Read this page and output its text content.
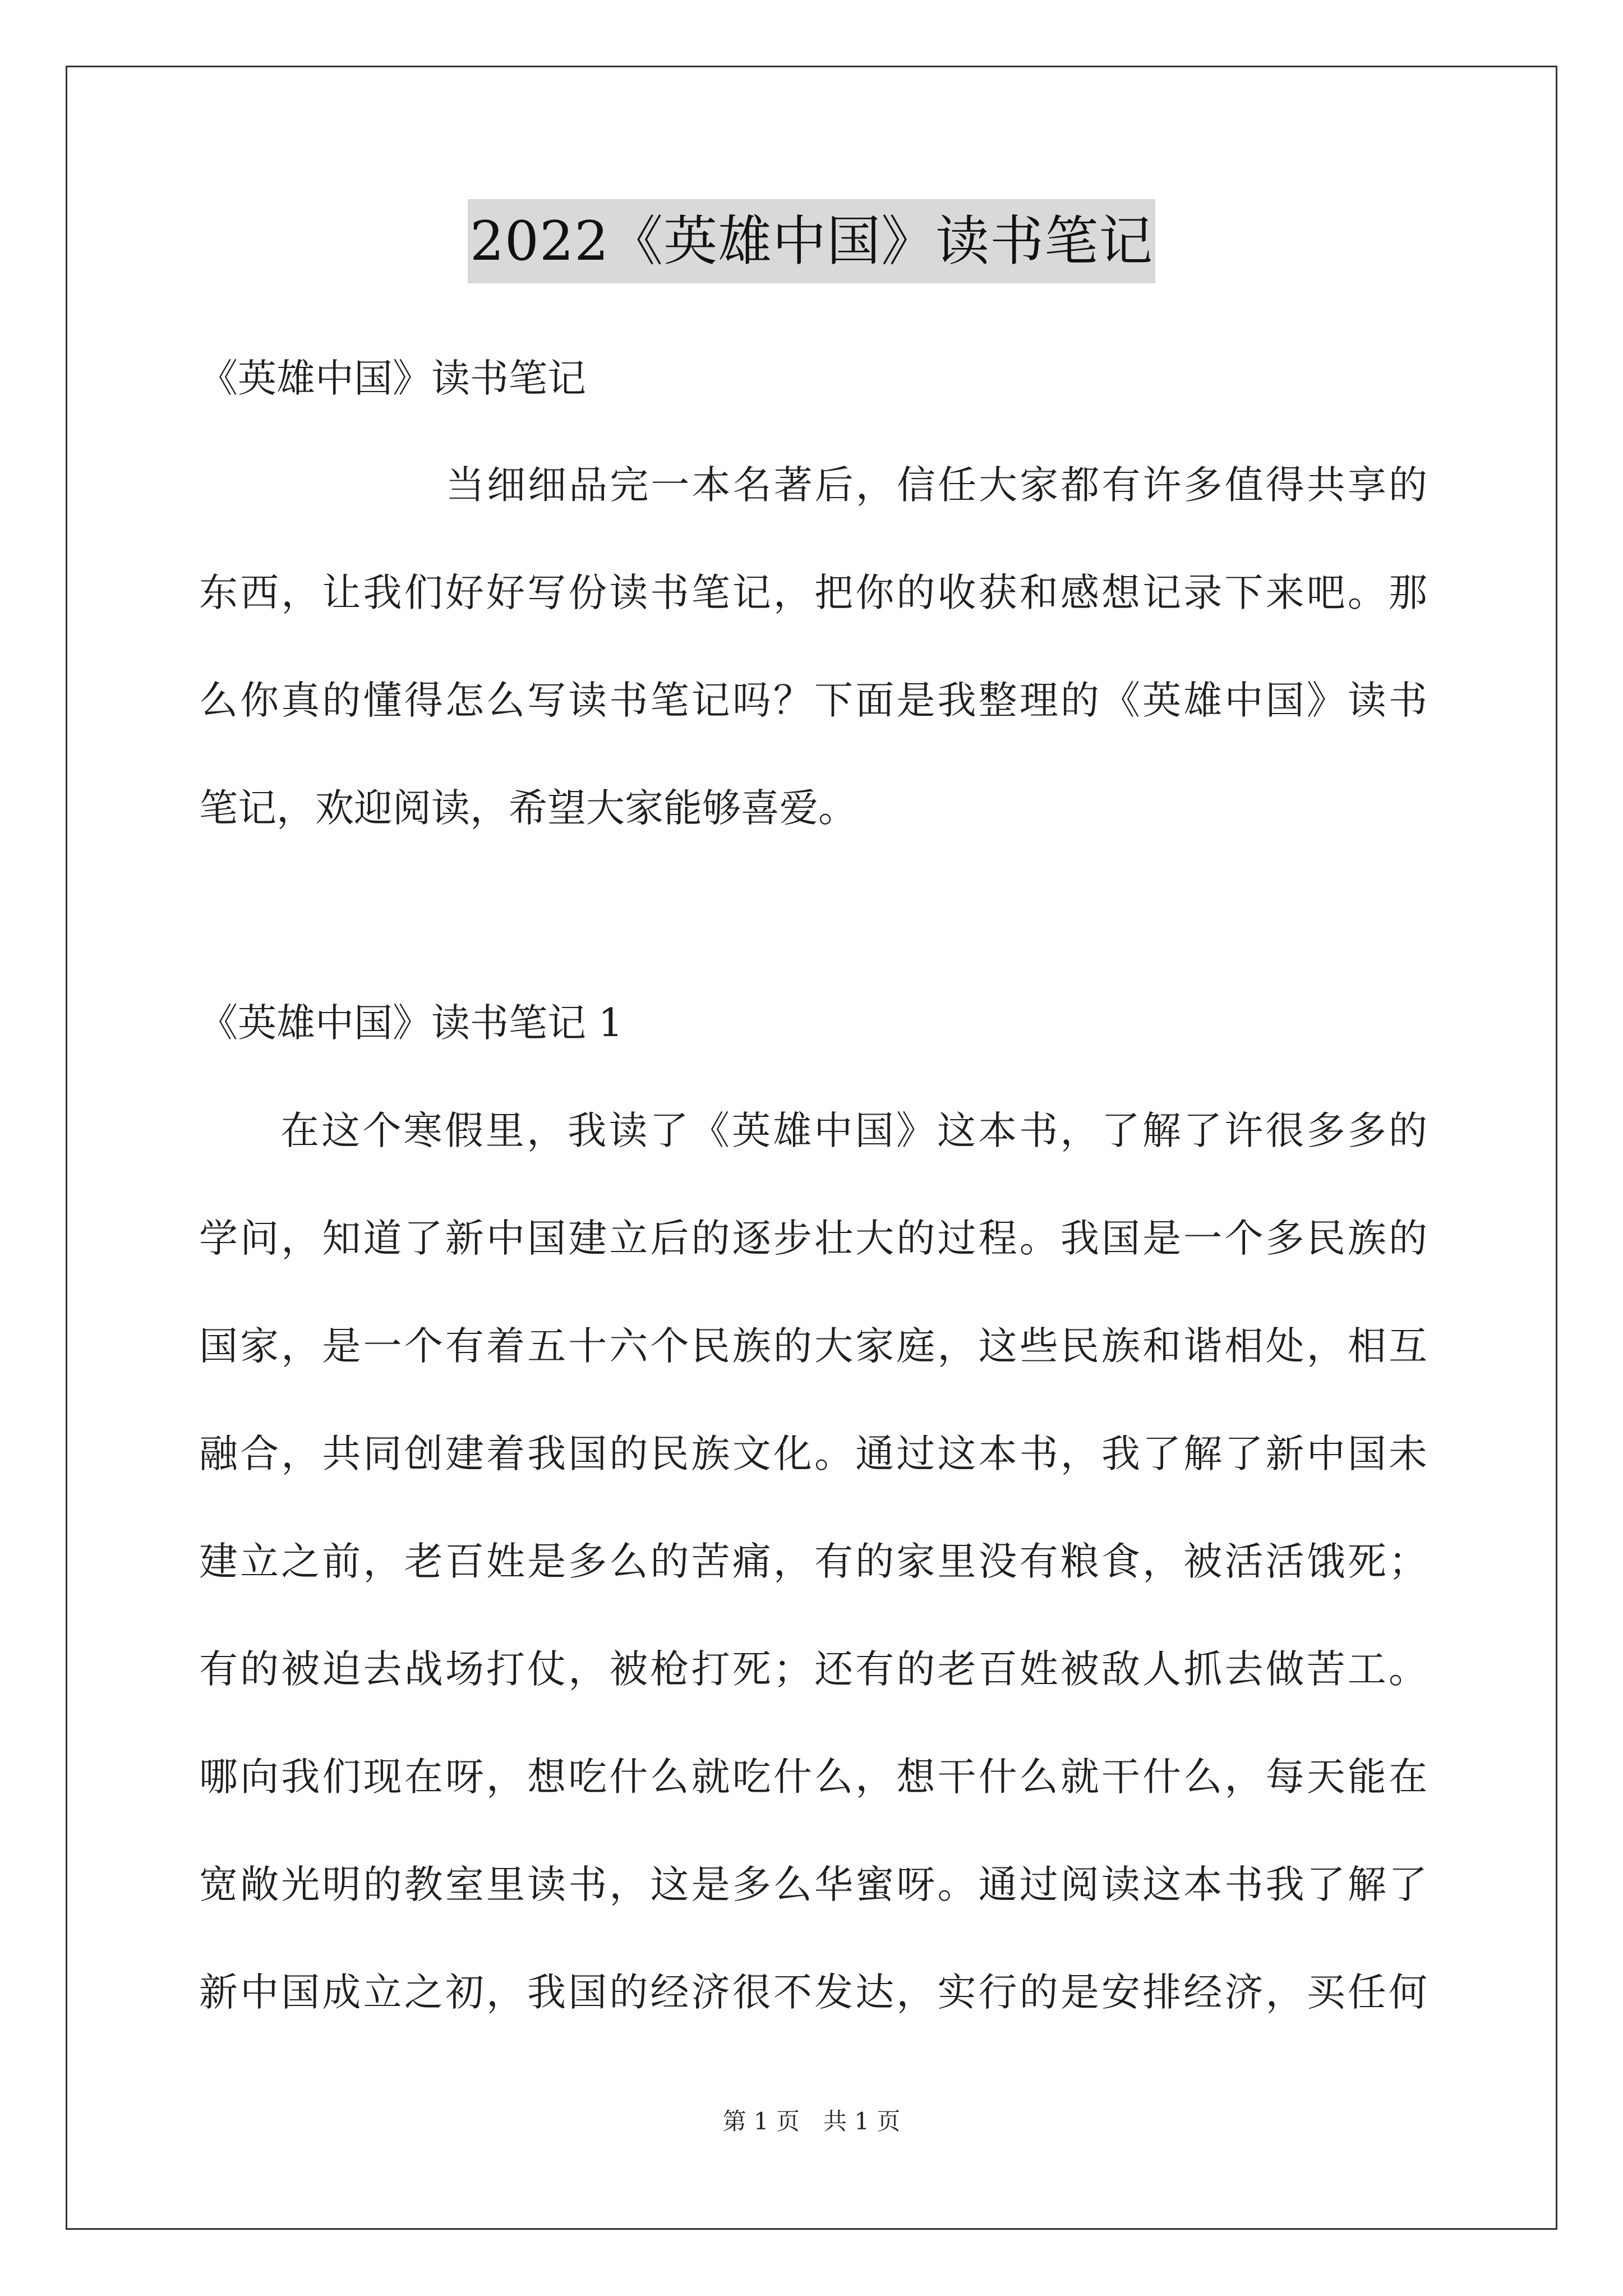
2022《英雄中国》读书笔记
《英雄中国》读书笔记
当细细品完一本名著后，信任大家都有许多值得共享的
东西，让我们好好写份读书笔记，把你的收获和感想记录下来吧。那
么你真的懂得怎么写读书笔记吗？下面是我整理的《英雄中国》读书
笔记，欢迎阅读，希望大家能够喜爱。
《英雄中国》读书笔记 1
在这个寒假里，我读了《英雄中国》这本书，了解了许很多多的
学问，知道了新中国建立后的逐步壮大的过程。我国是一个多民族的
国家，是一个有着五十六个民族的大家庭，这些民族和谐相处，相互
融合，共同创建着我国的民族文化。通过这本书，我了解了新中国未
建立之前，老百姓是多么的苦痛，有的家里没有粮食，被活活饿死；
有的被迫去战场打仗，被枪打死；还有的老百姓被敌人抓去做苦工。
哪向我们现在呀，想吃什么就吃什么，想干什么就干什么，每天能在
宽敞光明的教室里读书，这是多么华蜜呀。通过阅读这本书我了解了
新中国成立之初，我国的经济很不发达，实行的是安排经济，买任何
第 1 页　共 1 页
